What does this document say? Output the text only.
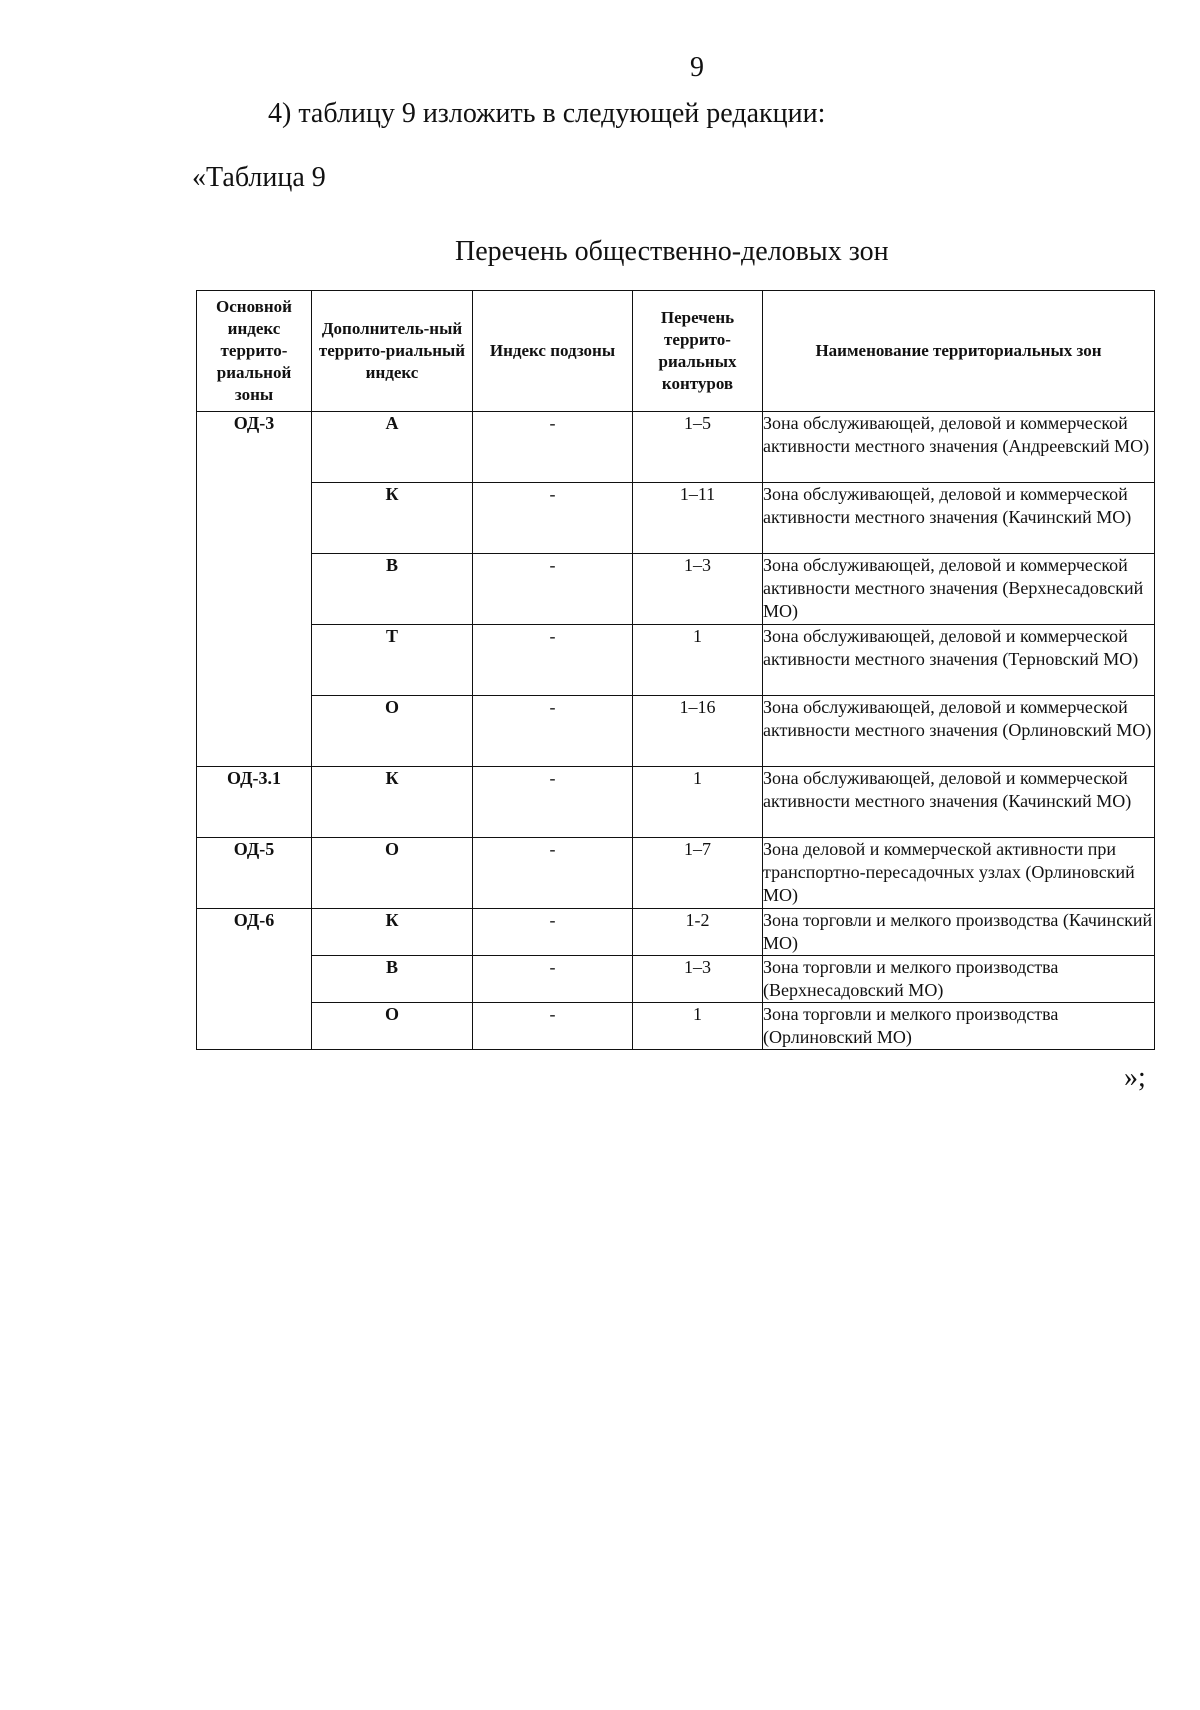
9
4) таблицу 9 изложить в следующей редакции:
«Таблица 9
Перечень общественно-деловых зон
Основной индекс террито-риальной зоны	Дополнитель-ный террито-риальный индекс	Индекс подзоны	Перечень террито-риальных контуров	Наименование территориальных зон
ОД-3	А	-	1–5	Зона обслуживающей, деловой и коммерческой активности местного значения (Андреевский МО)
	К	-	1–11	Зона обслуживающей, деловой и коммерческой активности местного значения (Качинский МО)
	В	-	1–3	Зона обслуживающей, деловой и коммерческой активности местного значения (Верхнесадовский МО)
	Т	-	1	Зона обслуживающей, деловой и коммерческой активности местного значения (Терновский МО)
	О	-	1–16	Зона обслуживающей, деловой и коммерческой активности местного значения (Орлиновский МО)
ОД-3.1	К	-	1	Зона обслуживающей, деловой и коммерческой активности местного значения (Качинский МО)
ОД-5	О	-	1–7	Зона деловой и коммерческой активности при транспортно-пересадочных узлах (Орлиновский МО)
ОД-6	К	-	1-2	Зона торговли и мелкого производства (Качинский МО)
	В	-	1–3	Зона торговли и мелкого производства (Верхнесадовский МО)
	О	-	1	Зона торговли и мелкого производства (Орлиновский МО)
»;
